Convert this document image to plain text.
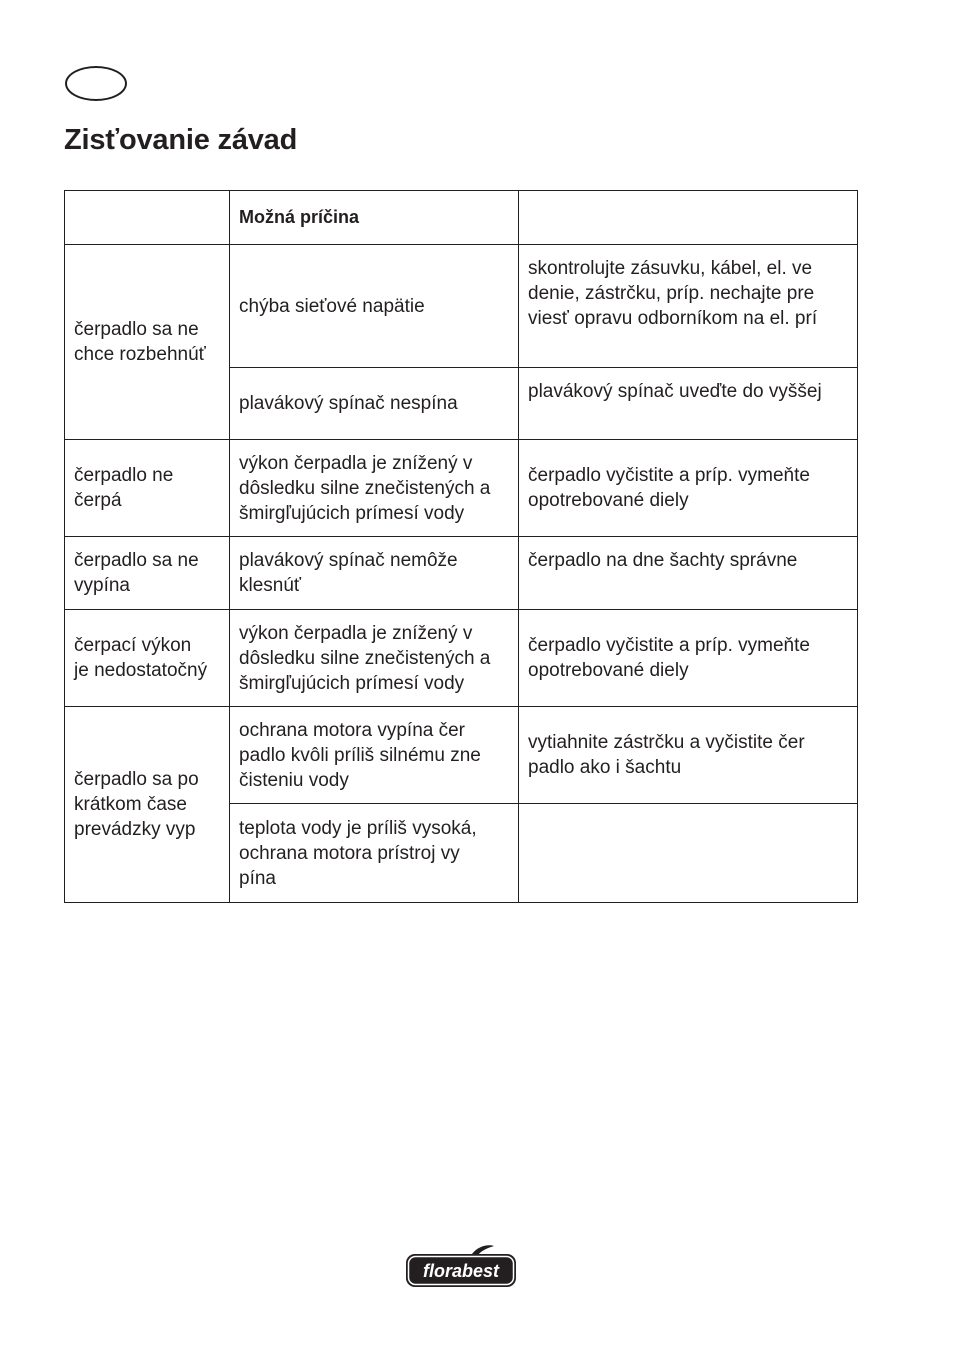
Zisťovanie závad
	Možná príčina	

čerpadlo sa ne
chce rozbehnúť	chýba sieťové napätie	skontrolujte zásuvku, kábel, el. ve
denie, zástrčku, príp. nechajte pre
viesť opravu odborníkom na el. prí

	plavákový spínač nespína	plavákový spínač uveďte do vyššej

čerpadlo ne
čerpá	výkon čerpadla je znížený v
dôsledku silne znečistených a
šmirgľujúcich prímesí vody	čerpadlo vyčistite a príp. vymeňte
opotrebované diely

čerpadlo sa ne
vypína	plavákový spínač nemôže
klesnúť	čerpadlo na dne šachty správne

čerpací výkon
je nedostatočný	výkon čerpadla je znížený v
dôsledku silne znečistených a
šmirgľujúcich prímesí vody	čerpadlo vyčistite a príp. vymeňte
opotrebované diely

čerpadlo sa po
krátkom čase
prevádzky vyp	ochrana motora vypína čer
padlo kvôli príliš silnému zne
čisteniu vody	vytiahnite zástrčku a vyčistite čer
padlo ako i šachtu

	teplota vody je príliš vysoká,
ochrana motora prístroj vy
pína	

florabest
